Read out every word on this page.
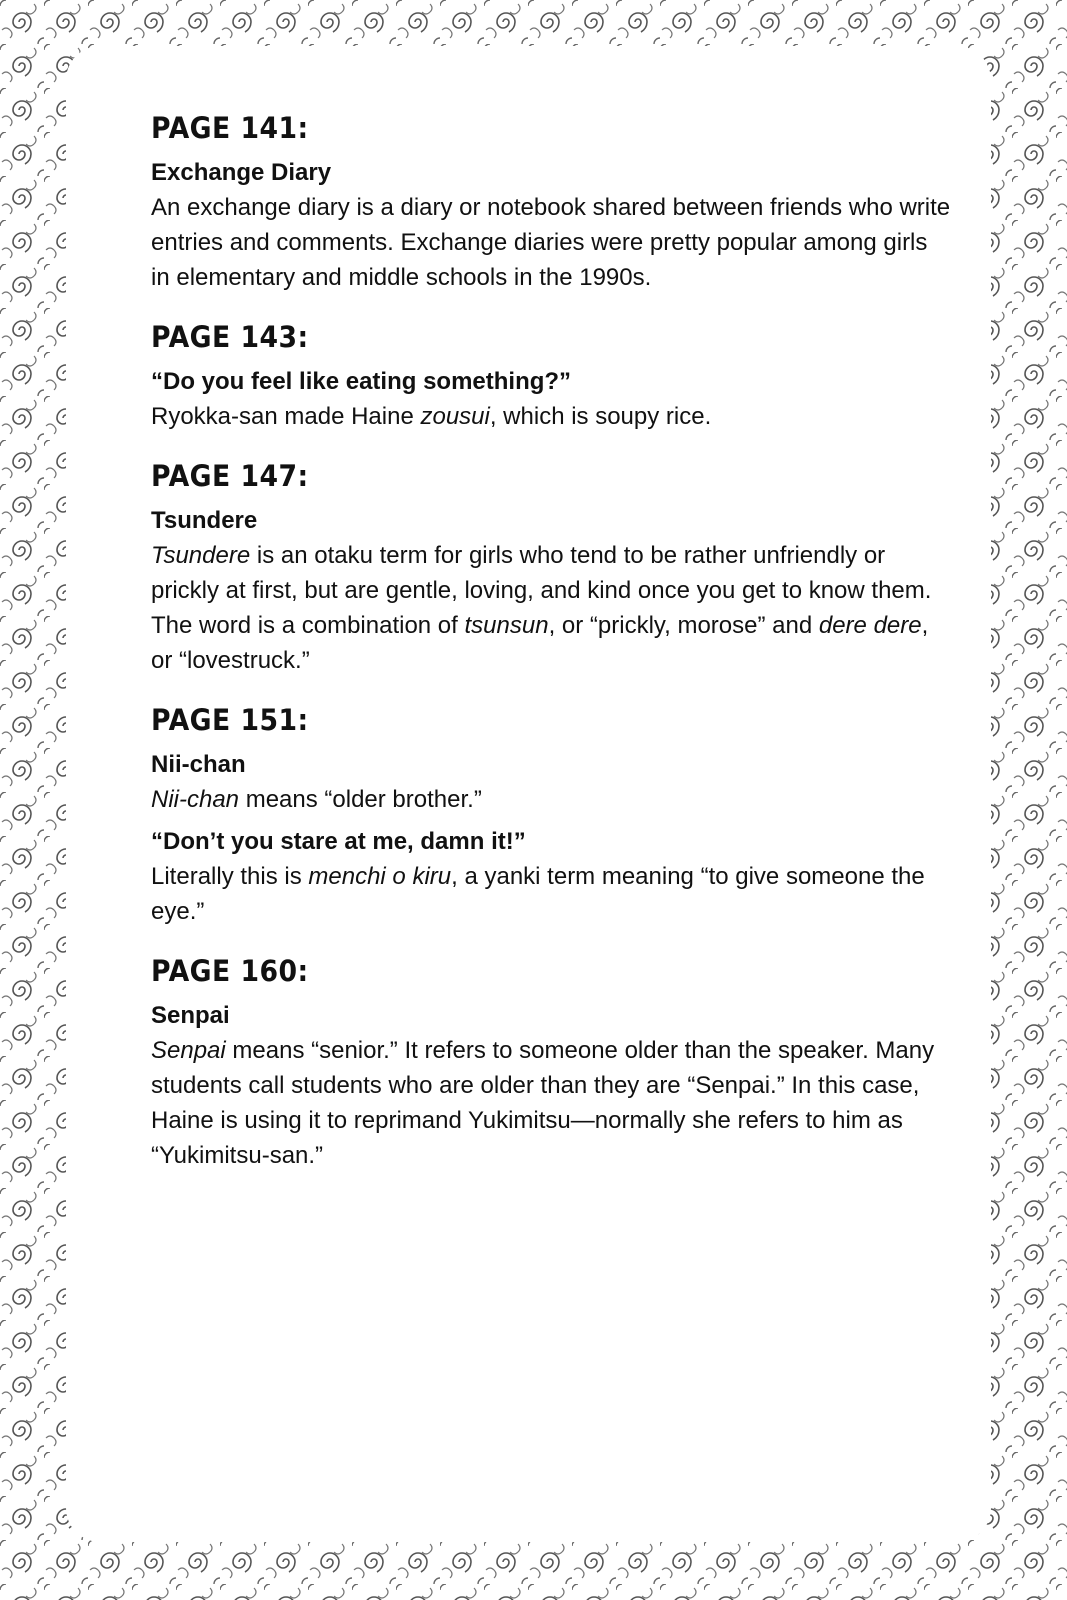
PAGE 141:

Exchange Diary

An exchange diary is a diary or notebook shared between friends who write entries and comments. Exchange diaries were pretty popular among girls in elementary and middle schools in the 1990s.

PAGE 143:

“Do you feel like eating something?”

Ryokka-san made Haine zousui, which is soupy rice.

PAGE 147:

Tsundere

Tsundere is an otaku term for girls who tend to be rather unfriendly or prickly at first, but are gentle, loving, and kind once you get to know them. The word is a combination of tsunsun, or “prickly, morose” and dere dere, or “lovestruck.”

PAGE 151:

Nii-chan

Nii-chan means “older brother.”

“Don’t you stare at me, damn it!”

Literally this is menchi o kiru, a yanki term meaning “to give someone the eye.”

PAGE 160:

Senpai

Senpai means “senior.” It refers to someone older than the speaker. Many students call students who are older than they are “Senpai.” In this case, Haine is using it to reprimand Yukimitsu—normally she refers to him as “Yukimitsu-san.”
